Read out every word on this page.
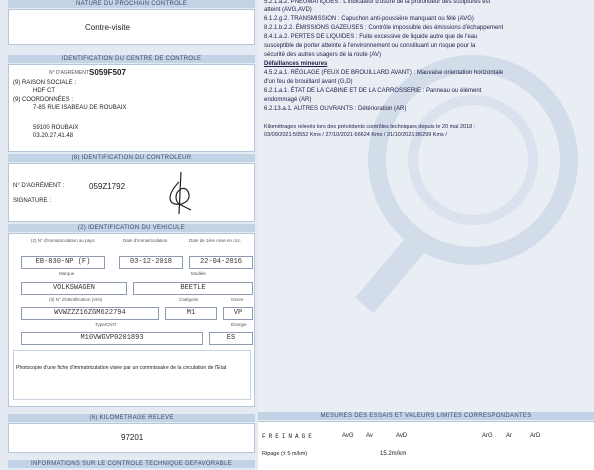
NATURE DU PROCHAIN CONTRÔLE
Contre-visite
IDENTIFICATION DU CENTRE DE CONTRÔLE
N° D'AGRÉMENT S059F507
(9) RAISON SOCIALE :
HDF CT
(9) COORDONNÉES :
7-8S RUE ISABEAU DE ROUBAIX
59100 ROUBAIX
03.20.27.41.48
(8) IDENTIFICATION DU CONTRÔLEUR
N° D'AGRÉMENT :	059Z1792
SIGNATURE :
(2) IDENTIFICATION DU VÉHICULE
(2) N° d'immatriculation au pays	Date d'immatriculation	Date de 1ère mise en circ.
EB-830-NP (F)	03-12-2018	22-04-2016
Marque	Modèle
VOLKSWAGEN	BEETLE
(3) N° d'identification (VIN)	Catégorie	Genre
WVWZZZ16ZGM622794	M1	VP
Type/CNIT	Énergie
M10VWGVP0201893	ES
Photocopie d'une fiche d'immatriculation visée par un commissaire de la circulation de l'Etat
(6) KILOMÉTRAGE RELEVÉ
97201
INFORMATIONS SUR LE CONTRÔLE TECHNIQUE DÉFAVORABLE
5.2.1.a.2. PNEUMATIQUES : L'indicateur d'usure de la profondeur des sculptures est
atteint (AVG,AVD)
6.1.2.g.2. TRANSMISSION : Capuchon anti-poussière manquant ou fêlé (AVG)
8.2.1.b.2.2. ÉMISSIONS GAZEUSES : Contrôle impossible des émissions d'échappement
8.4.1.a.2. PERTES DE LIQUIDES : Fuite excessive de liquide autre que de l'eau
susceptible de porter atteinte à l'environnement ou constituant un risque pour la
sécurité des autres usagers de la route (AV)
Défaillances mineures
4.5.2.a.1. RÉGLAGE (FEUX DE BROUILLARD AVANT) : Mauvaise orientation horizontale
d'un feu de brouillard avant (G,D)
6.2.1.a.1. ÉTAT DE LA CABINE ET DE LA CARROSSERIE : Panneau ou élément
endommagé (AR)
6.2.13.a.1. AUTRES OUVRANTS : Détérioration (AR)
Kilométrages relevés lors des précédents contrôles techniques depuis le 20 mai 2018 :
03/09/2021:50552 Kms / 27/10/2021:66624 Kms / 31/10/2021:86299 Kms /
MESURES DES ESSAIS ET VALEURS LIMITES CORRESPONDANTES
FREINAGE	AvG Av	AvD	ArG Ar	ArD
Ripage (± 5 m/km)	15.2m/km
